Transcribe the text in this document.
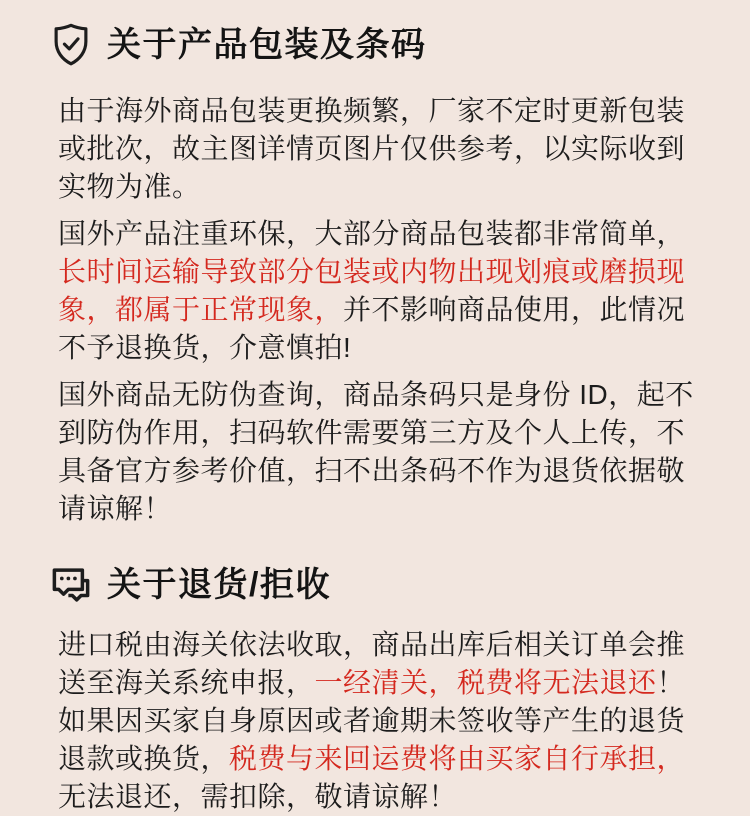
关于产品包装及条码

由于海外商品包装更换频繁，厂家不定时更新包装或批次，故主图详情页图片仅供参考，以实际收到实物为准。

国外产品注重环保，大部分商品包装都非常简单，长时间运输导致部分包装或内物出现划痕或磨损现象，都属于正常现象，并不影响商品使用，此情况不予退换货，介意慎拍!

国外商品无防伪查询，商品条码只是身份 ID，起不到防伪作用，扫码软件需要第三方及个人上传，不具备官方参考价值，扫不出条码不作为退货依据敬请谅解！

关于退货/拒收

进口税由海关依法收取，商品出库后相关订单会推送至海关系统申报，一经清关，税费将无法退还！如果因买家自身原因或者逾期未签收等产生的退货退款或换货，税费与来回运费将由买家自行承担，无法退还，需扣除，敬请谅解！
